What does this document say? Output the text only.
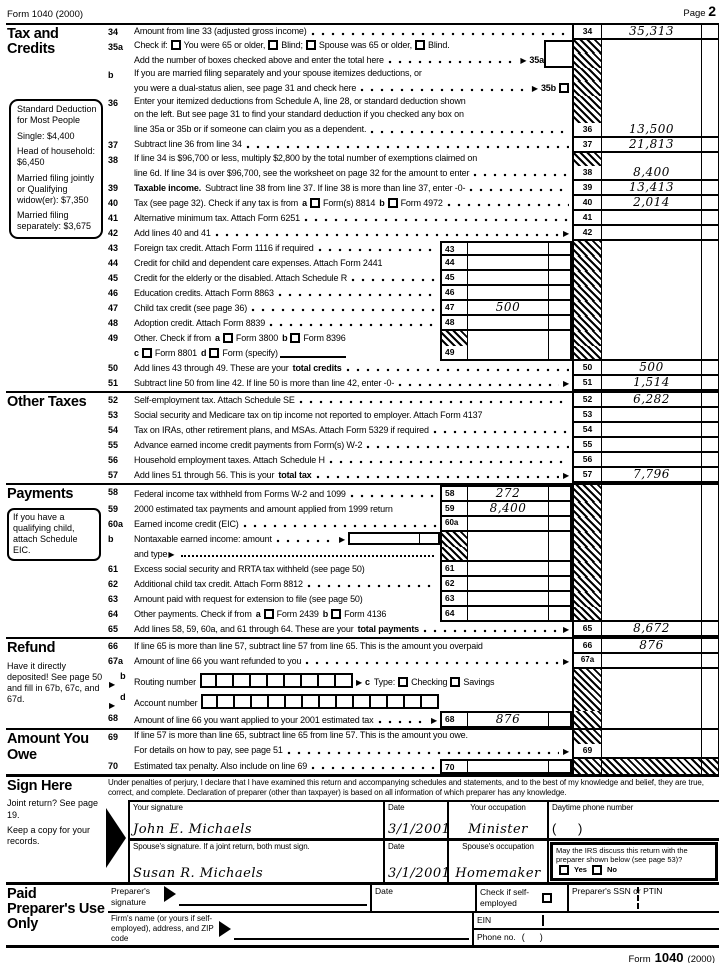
Form 1040 (2000)	Page 2
Tax and Credits
Standard Deduction for Most People
Single: $4,400
Head of household: $6,450
Married filing jointly or Qualifying widow(er): $7,350
Married filing separately: $3,675
34	Amount from line 33 (adjusted gross income)	34	35,313
35a	Check if: You were 65 or older, Blind; Spouse was 65 or older, Blind.
Add the number of boxes checked above and enter the total here ▶	35a
b	If you are married filing separately and your spouse itemizes deductions, or
you were a dual-status alien, see page 31 and check here ▶	35b
36	Enter your itemized deductions from Schedule A, line 28, or standard deduction shown
on the left. But see page 31 to find your standard deduction if you checked any box on
line 35a or 35b or if someone can claim you as a dependent.	36	13,500
37	Subtract line 36 from line 34	37	21,813
38	If line 34 is $96,700 or less, multiply $2,800 by the total number of exemptions claimed on
line 6d. If line 34 is over $96,700, see the worksheet on page 32 for the amount to enter	38	8,400
39	Taxable income. Subtract line 38 from line 37. If line 38 is more than line 37, enter -0-	39	13,413
40	Tax (see page 32). Check if any tax is from a Form(s) 8814 b Form 4972	40	2,014
41	Alternative minimum tax. Attach Form 6251	41
42	Add lines 40 and 41 ▶	42
43	Foreign tax credit. Attach Form 1116 if required	43
44	Credit for child and dependent care expenses. Attach Form 2441	44
45	Credit for the elderly or the disabled. Attach Schedule R	45
46	Education credits. Attach Form 8863	46
47	Child tax credit (see page 36)	47	500
48	Adoption credit. Attach Form 8839	48
49	Other. Check if from a Form 3800 b Form 8396
c Form 8801 d Form (specify)	49
50	Add lines 43 through 49. These are your total credits	50	500
51	Subtract line 50 from line 42. If line 50 is more than line 42, enter -0- ▶	51	1,514
Other Taxes	52	Self-employment tax. Attach Schedule SE	52	6,282
53	Social security and Medicare tax on tip income not reported to employer. Attach Form 4137	53
54	Tax on IRAs, other retirement plans, and MSAs. Attach Form 5329 if required	54
55	Advance earned income credit payments from Form(s) W-2	55
56	Household employment taxes. Attach Schedule H	56
57	Add lines 51 through 56. This is your total tax ▶	57	7,796
Payments
If you have a qualifying child, attach Schedule EIC.
58	Federal income tax withheld from Forms W-2 and 1099	58	272
59	2000 estimated tax payments and amount applied from 1999 return	59	8,400
60a	Earned income credit (EIC)	60a
b	Nontaxable earned income: amount
▶
and type
▶
61	Excess social security and RRTA tax withheld (see page 50)	61
62	Additional child tax credit. Attach Form 8812	62
63	Amount paid with request for extension to file (see page 50)	63
64	Other payments. Check if from a Form 2439 b Form 4136	64
65	Add lines 58, 59, 60a, and 61 through 64. These are your total payments ▶	65	8,672
Refund
Have it directly deposited! See page 50 and fill in 67b, 67c, and 67d.
66	If line 65 is more than line 57, subtract line 57 from line 65. This is the amount you overpaid	66	876
67a	Amount of line 66 you want refunded to you ▶	67a
▶
b
Routing number ▶	c Type: Checking Savings
▶
d
Account number
68	Amount of line 66 you want applied to your 2001 estimated tax ▶	68	876
Amount You Owe
69	If line 57 is more than line 65, subtract line 65 from line 57. This is the amount you owe.
For details on how to pay, see page 51 ▶	69
70	Estimated tax penalty. Also include on line 69	70
Sign Here
Joint return? See page 19.
Keep a copy for your records.
Under penalties of perjury, I declare that I have examined this return and accompanying schedules and statements, and to the best of my knowledge and belief, they are true, correct, and complete. Declaration of preparer (other than taxpayer) is based on all information of which preparer has any knowledge.
Your signature
John E. Michaels
Date
3/1/2001
Your occupation
Minister
Daytime phone number
(      )
Spouse's signature. If a joint return, both must sign.
Susan R. Michaels
Date
3/1/2001
Spouse's occupation
Homemaker
May the IRS discuss this return with the preparer shown below (see page 53)?
Yes	No
Paid Preparer's Use Only
Preparer's signature
Date	Check if self-employed
Preparer's SSN or PTIN
Firm's name (or yours if self-employed), address, and ZIP code
EIN
Phone no. (      )
Form 1040 (2000)
